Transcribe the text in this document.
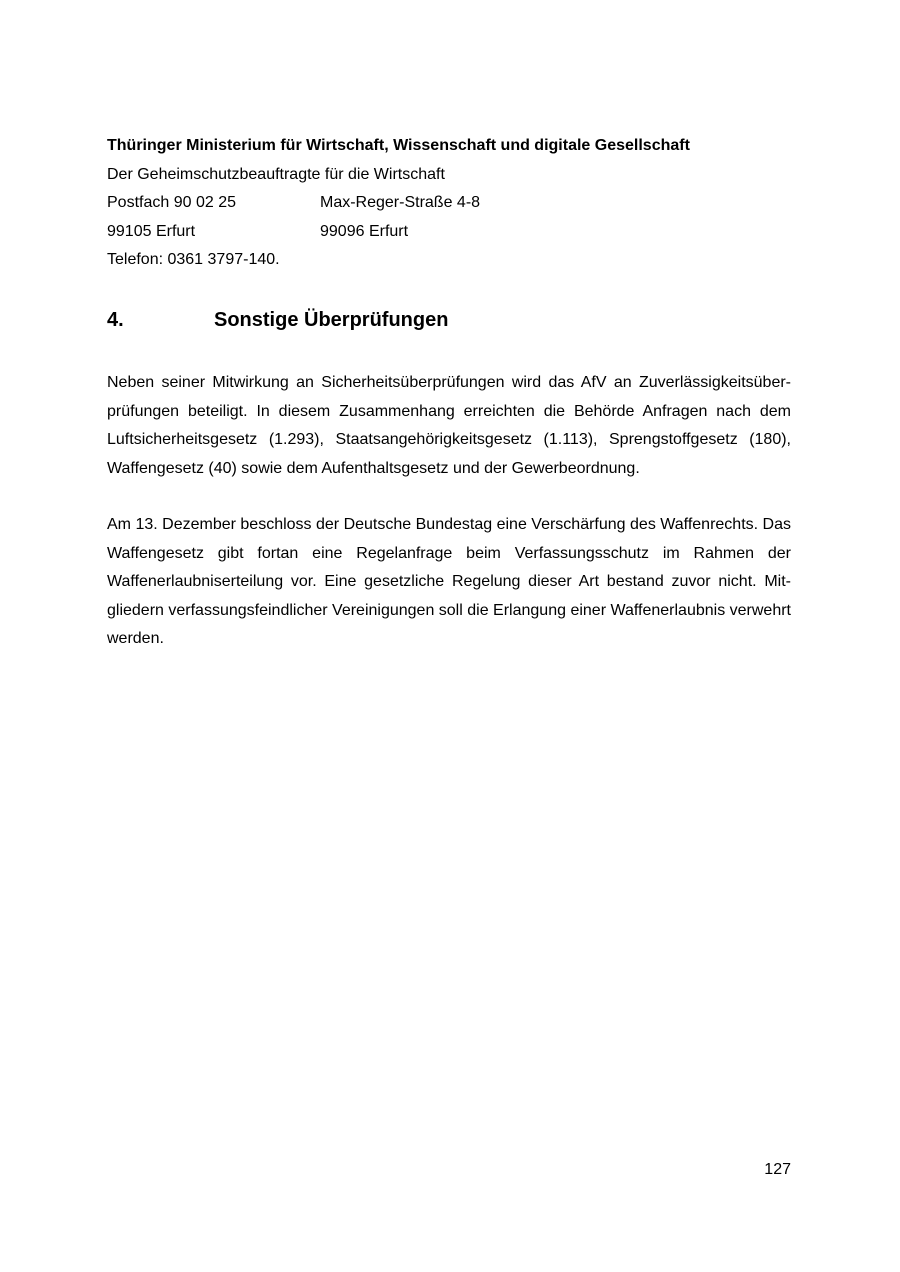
Thüringer Ministerium für Wirtschaft, Wissenschaft und digitale Gesellschaft
Der Geheimschutzbeauftragte für die Wirtschaft
Postfach 90 02 25	Max-Reger-Straße 4-8
99105 Erfurt	99096 Erfurt
Telefon: 0361 3797-140.
4.	Sonstige Überprüfungen

Neben seiner Mitwirkung an Sicherheitsüberprüfungen wird das AfV an Zuverlässigkeitsüberprüfungen beteiligt. In diesem Zusammenhang erreichten die Behörde Anfragen nach dem Luftsicherheitsgesetz (1.293), Staatsangehörigkeitsgesetz (1.113), Sprengstoffgesetz (180), Waffengesetz (40) sowie dem Aufenthaltsgesetz und der Gewerbeordnung.

Am 13. Dezember beschloss der Deutsche Bundestag eine Verschärfung des Waffenrechts. Das Waffengesetz gibt fortan eine Regelanfrage beim Verfassungsschutz im Rahmen der Waffenerlaubniserteilung vor. Eine gesetzliche Regelung dieser Art bestand zuvor nicht. Mitgliedern verfassungsfeindlicher Vereinigungen soll die Erlangung einer Waffenerlaubnis verwehrt werden.

127
